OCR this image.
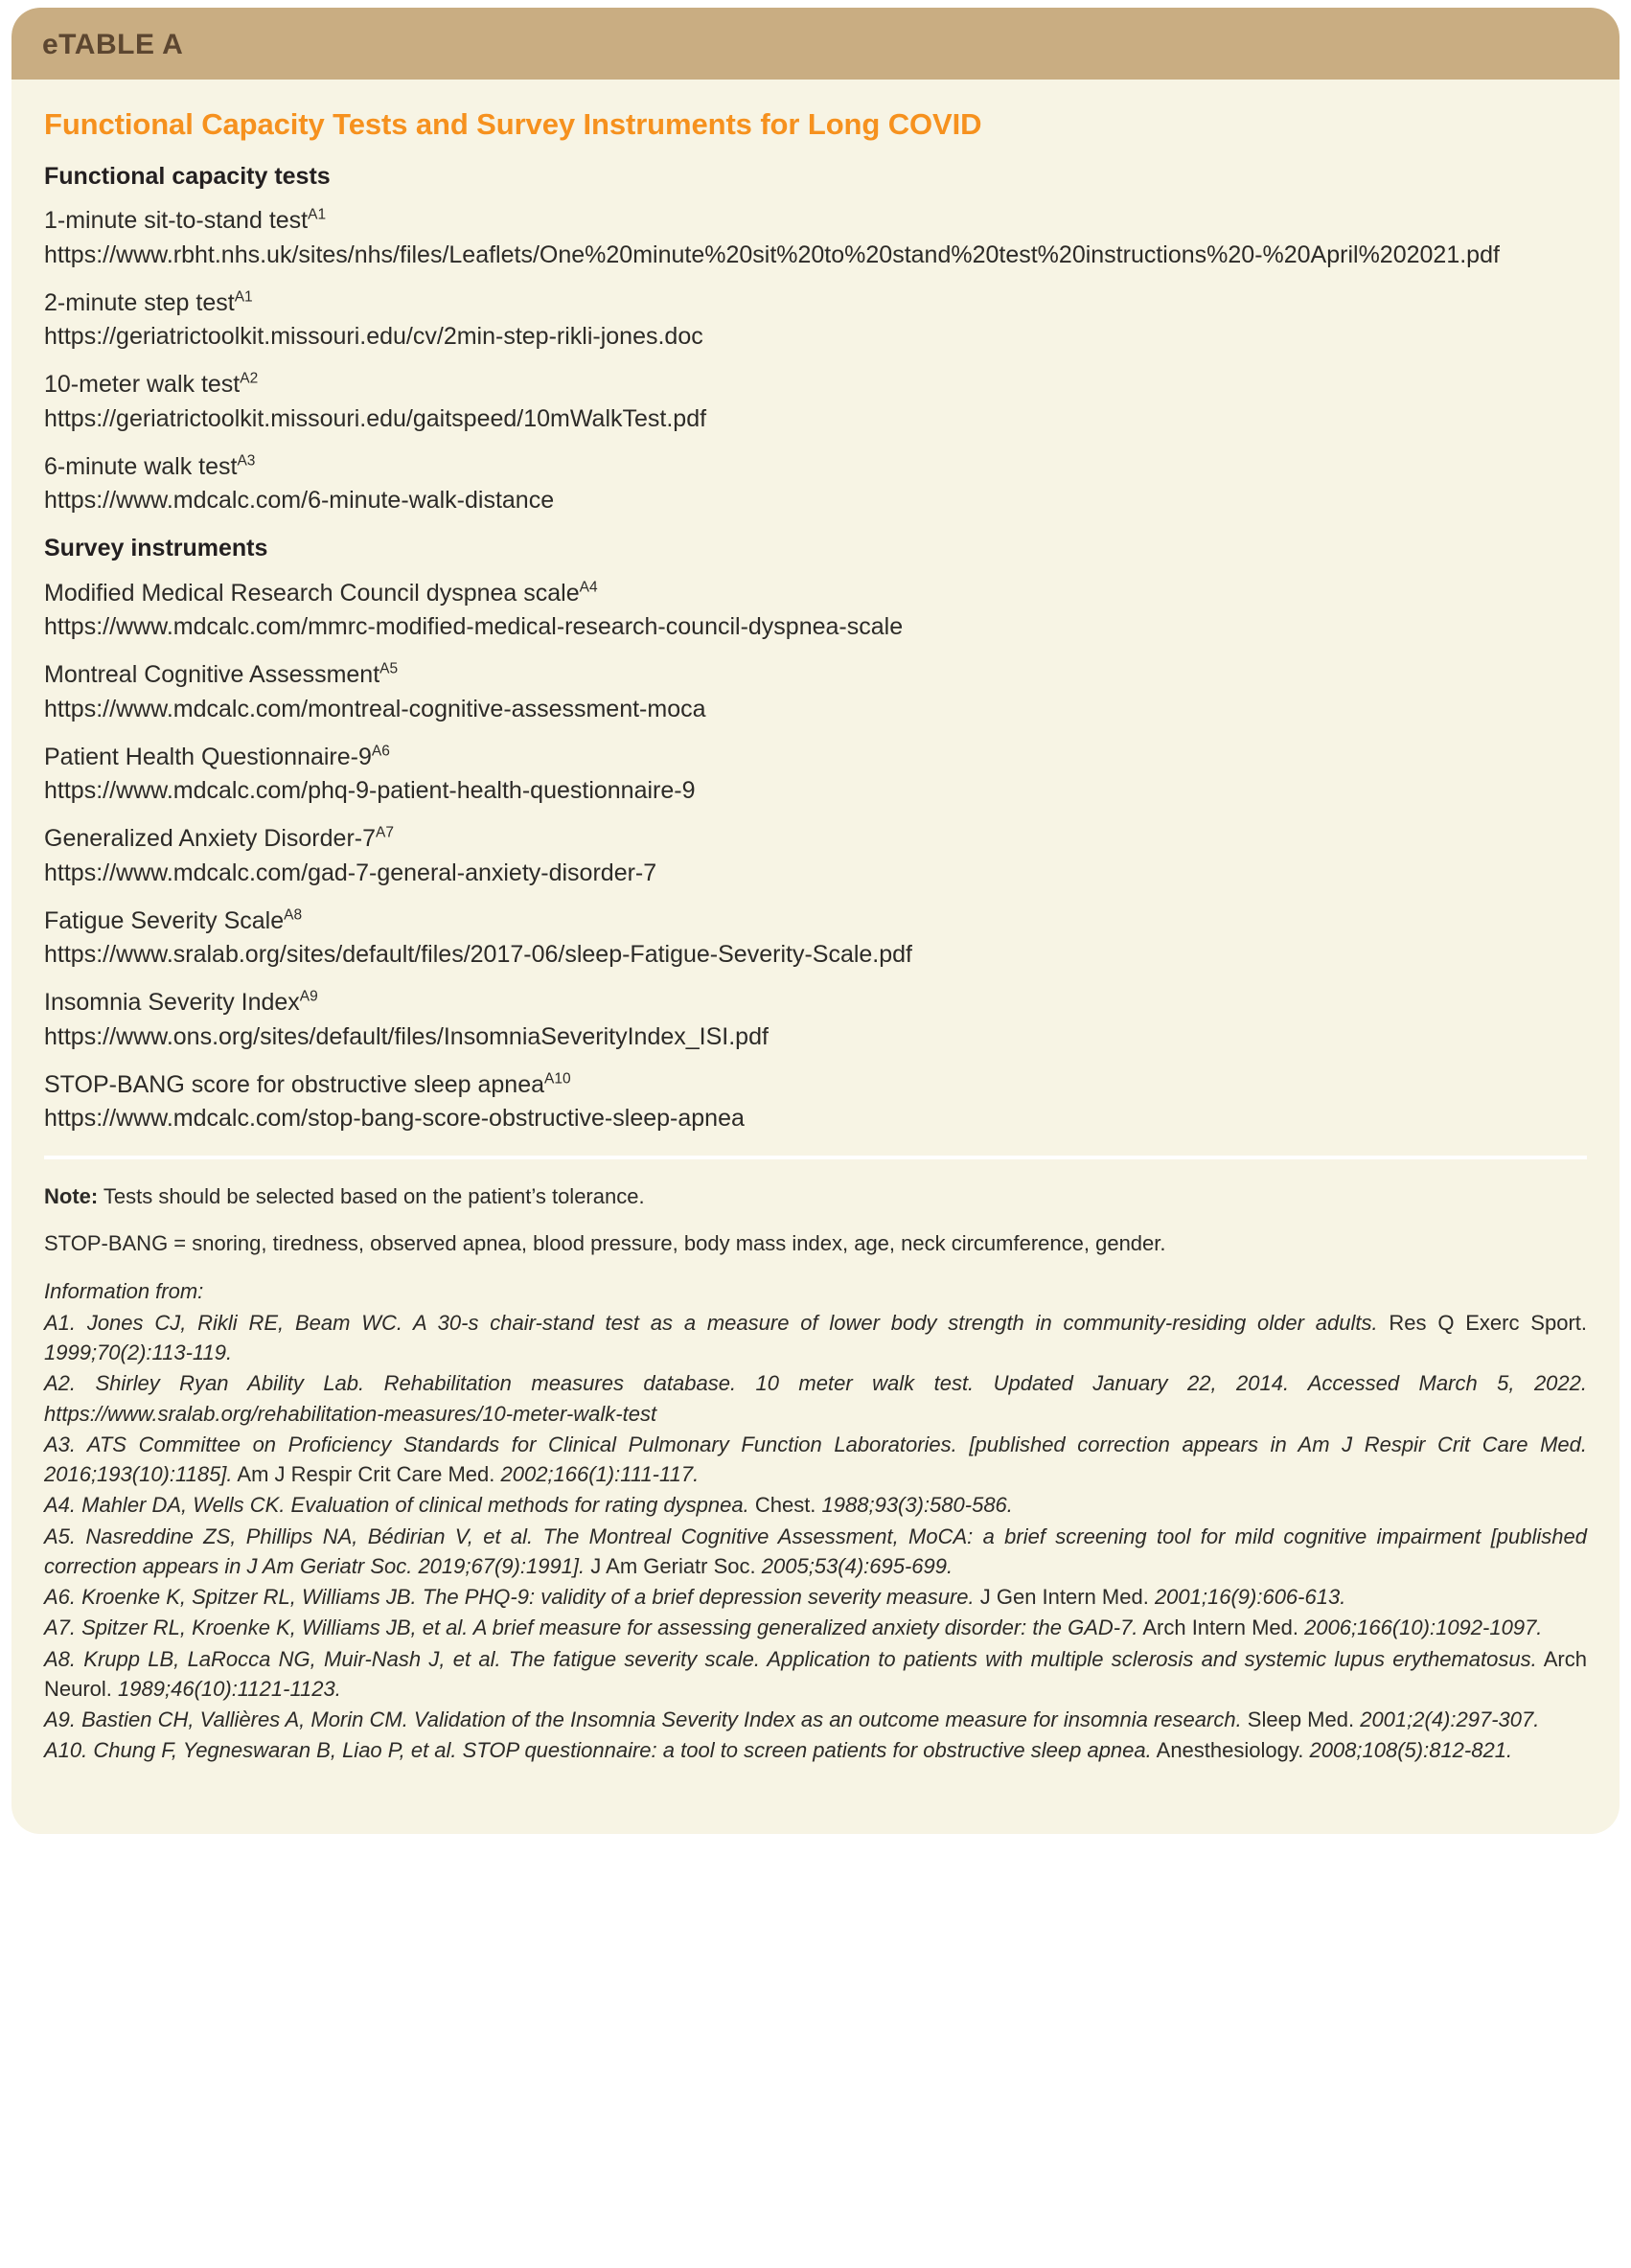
eTABLE A
Functional Capacity Tests and Survey Instruments for Long COVID
Functional capacity tests
1-minute sit-to-stand test$^{A1}$
https://www.rbht.nhs.uk/sites/nhs/files/Leaflets/One%20minute%20sit%20to%20stand%20test%20instructions%20-%20April%202021.pdf
2-minute step test$^{A1}$
https://geriatrictoolkit.missouri.edu/cv/2min-step-rikli-jones.doc
10-meter walk test$^{A2}$
https://geriatrictoolkit.missouri.edu/gaitspeed/10mWalkTest.pdf
6-minute walk test$^{A3}$
https://www.mdcalc.com/6-minute-walk-distance
Survey instruments
Modified Medical Research Council dyspnea scale$^{A4}$
https://www.mdcalc.com/mmrc-modified-medical-research-council-dyspnea-scale
Montreal Cognitive Assessment$^{A5}$
https://www.mdcalc.com/montreal-cognitive-assessment-moca
Patient Health Questionnaire-$9^{A6}$
https://www.mdcalc.com/phq-9-patient-health-questionnaire-9
Generalized Anxiety Disorder-$7^{A7}$
https://www.mdcalc.com/gad-7-general-anxiety-disorder-7
Fatigue Severity Scale$^{A8}$
https://www.sralab.org/sites/default/files/2017-06/sleep-Fatigue-Severity-Scale.pdf
Insomnia Severity Index$^{A9}$
https://www.ons.org/sites/default/files/InsomniaSeverityIndex_ISI.pdf
STOP-BANG score for obstructive sleep apnea$^{A10}$
https://www.mdcalc.com/stop-bang-score-obstructive-sleep-apnea
Note: Tests should be selected based on the patient’s tolerance.
STOP-BANG = snoring, tiredness, observed apnea, blood pressure, body mass index, age, neck circumference, gender.
Information from:
A1. Jones CJ, Rikli RE, Beam WC. A 30-s chair-stand test as a measure of lower body strength in community-residing older adults. Res Q Exerc Sport. 1999;70(2):113-119.
A2. Shirley Ryan Ability Lab. Rehabilitation measures database. 10 meter walk test. Updated January 22, 2014. Accessed March 5, 2022. https://www.sralab.org/rehabilitation-measures/10-meter-walk-test
A3. ATS Committee on Proficiency Standards for Clinical Pulmonary Function Laboratories. [published correction appears in Am J Respir Crit Care Med. 2016;193(10):1185]. Am J Respir Crit Care Med. 2002;166(1):111-117.
A4. Mahler DA, Wells CK. Evaluation of clinical methods for rating dyspnea. Chest. 1988;93(3):580-586.
A5. Nasreddine ZS, Phillips NA, Bédirian V, et al. The Montreal Cognitive Assessment, MoCA: a brief screening tool for mild cognitive impairment [published correction appears in J Am Geriatr Soc. 2019;67(9):1991]. J Am Geriatr Soc. 2005;53(4):695-699.
A6. Kroenke K, Spitzer RL, Williams JB. The PHQ-9: validity of a brief depression severity measure. J Gen Intern Med. 2001;16(9):606-613.
A7. Spitzer RL, Kroenke K, Williams JB, et al. A brief measure for assessing generalized anxiety disorder: the GAD-7. Arch Intern Med. 2006;166(10):1092-1097.
A8. Krupp LB, LaRocca NG, Muir-Nash J, et al. The fatigue severity scale. Application to patients with multiple sclerosis and systemic lupus erythematosus. Arch Neurol. 1989;46(10):1121-1123.
A9. Bastien CH, Vallières A, Morin CM. Validation of the Insomnia Severity Index as an outcome measure for insomnia research. Sleep Med. 2001;2(4):297-307.
A10. Chung F, Yegneswaran B, Liao P, et al. STOP questionnaire: a tool to screen patients for obstructive sleep apnea. Anesthesiology. 2008;108(5):812-821.
